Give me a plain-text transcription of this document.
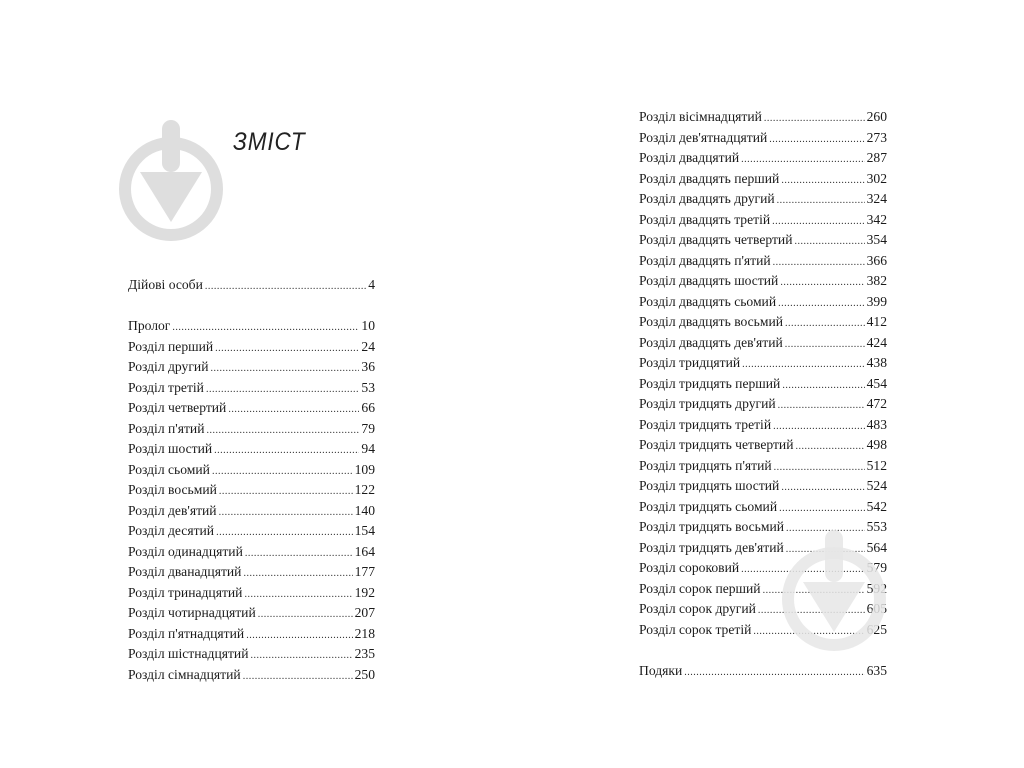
ЗМІСТ
Дійові особи .....	4
Пролог .....	10
Розділ перший .....	24
Розділ другий .....	36
Розділ третій .....	53
Розділ четвертий .....	66
Розділ п'ятий .....	79
Розділ шостий .....	94
Розділ сьомий .....	109
Розділ восьмий .....	122
Розділ дев'ятий .....	140
Розділ десятий .....	154
Розділ одинадцятий .....	164
Розділ дванадцятий .....	177
Розділ тринадцятий .....	192
Розділ чотирнадцятий .....	207
Розділ п'ятнадцятий .....	218
Розділ шістнадцятий .....	235
Розділ сімнадцятий .....	250
Розділ вісімнадцятий .....	260
Розділ дев'ятнадцятий .....	273
Розділ двадцятий .....	287
Розділ двадцять перший .....	302
Розділ двадцять другий .....	324
Розділ двадцять третій .....	342
Розділ двадцять четвертий .....	354
Розділ двадцять п'ятий .....	366
Розділ двадцять шостий .....	382
Розділ двадцять сьомий .....	399
Розділ двадцять восьмий .....	412
Розділ двадцять дев'ятий .....	424
Розділ тридцятий .....	438
Розділ тридцять перший .....	454
Розділ тридцять другий .....	472
Розділ тридцять третій .....	483
Розділ тридцять четвертий .....	498
Розділ тридцять п'ятий .....	512
Розділ тридцять шостий .....	524
Розділ тридцять сьомий .....	542
Розділ тридцять восьмий .....	553
Розділ тридцять дев'ятий .....	564
Розділ сороковий .....	579
Розділ сорок перший .....	592
Розділ сорок другий .....	605
Розділ сорок третій .....	625
Подяки .....	635
